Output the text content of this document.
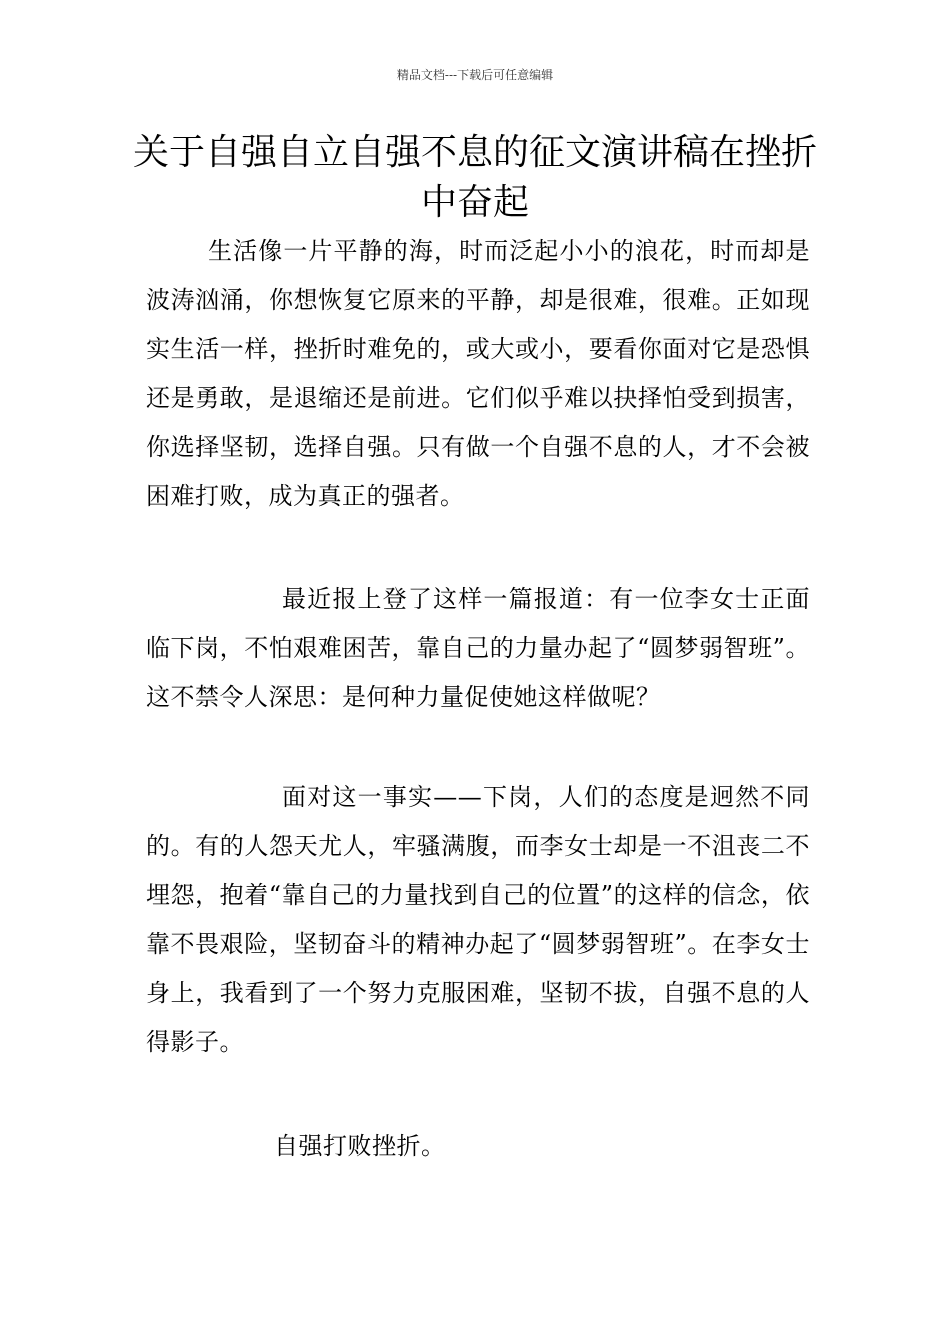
精品文档---下载后可任意编辑
关于自强自立自强不息的征文演讲稿在挫折中奋起
生活像一片平静的海，时而泛起小小的浪花，时而却是波涛汹涌，你想恢复它原来的平静，却是很难，很难。正如现实生活一样，挫折时难免的，或大或小，要看你面对它是恐惧还是勇敢，是退缩还是前进。它们似乎难以抉择怕受到损害，你选择坚韧，选择自强。只有做一个自强不息的人，才不会被困难打败，成为真正的强者。
最近报上登了这样一篇报道：有一位李女士正面临下岗，不怕艰难困苦，靠自己的力量办起了“圆梦弱智班”。这不禁令人深思：是何种力量促使她这样做呢？
面对这一事实——下岗，人们的态度是迥然不同的。有的人怨天尤人，牢骚满腹，而李女士却是一不沮丧二不埋怨，抱着“靠自己的力量找到自己的位置”的这样的信念，依靠不畏艰险，坚韧奋斗的精神办起了“圆梦弱智班”。在李女士身上，我看到了一个努力克服困难，坚韧不拔，自强不息的人得影子。
自强打败挫折。
